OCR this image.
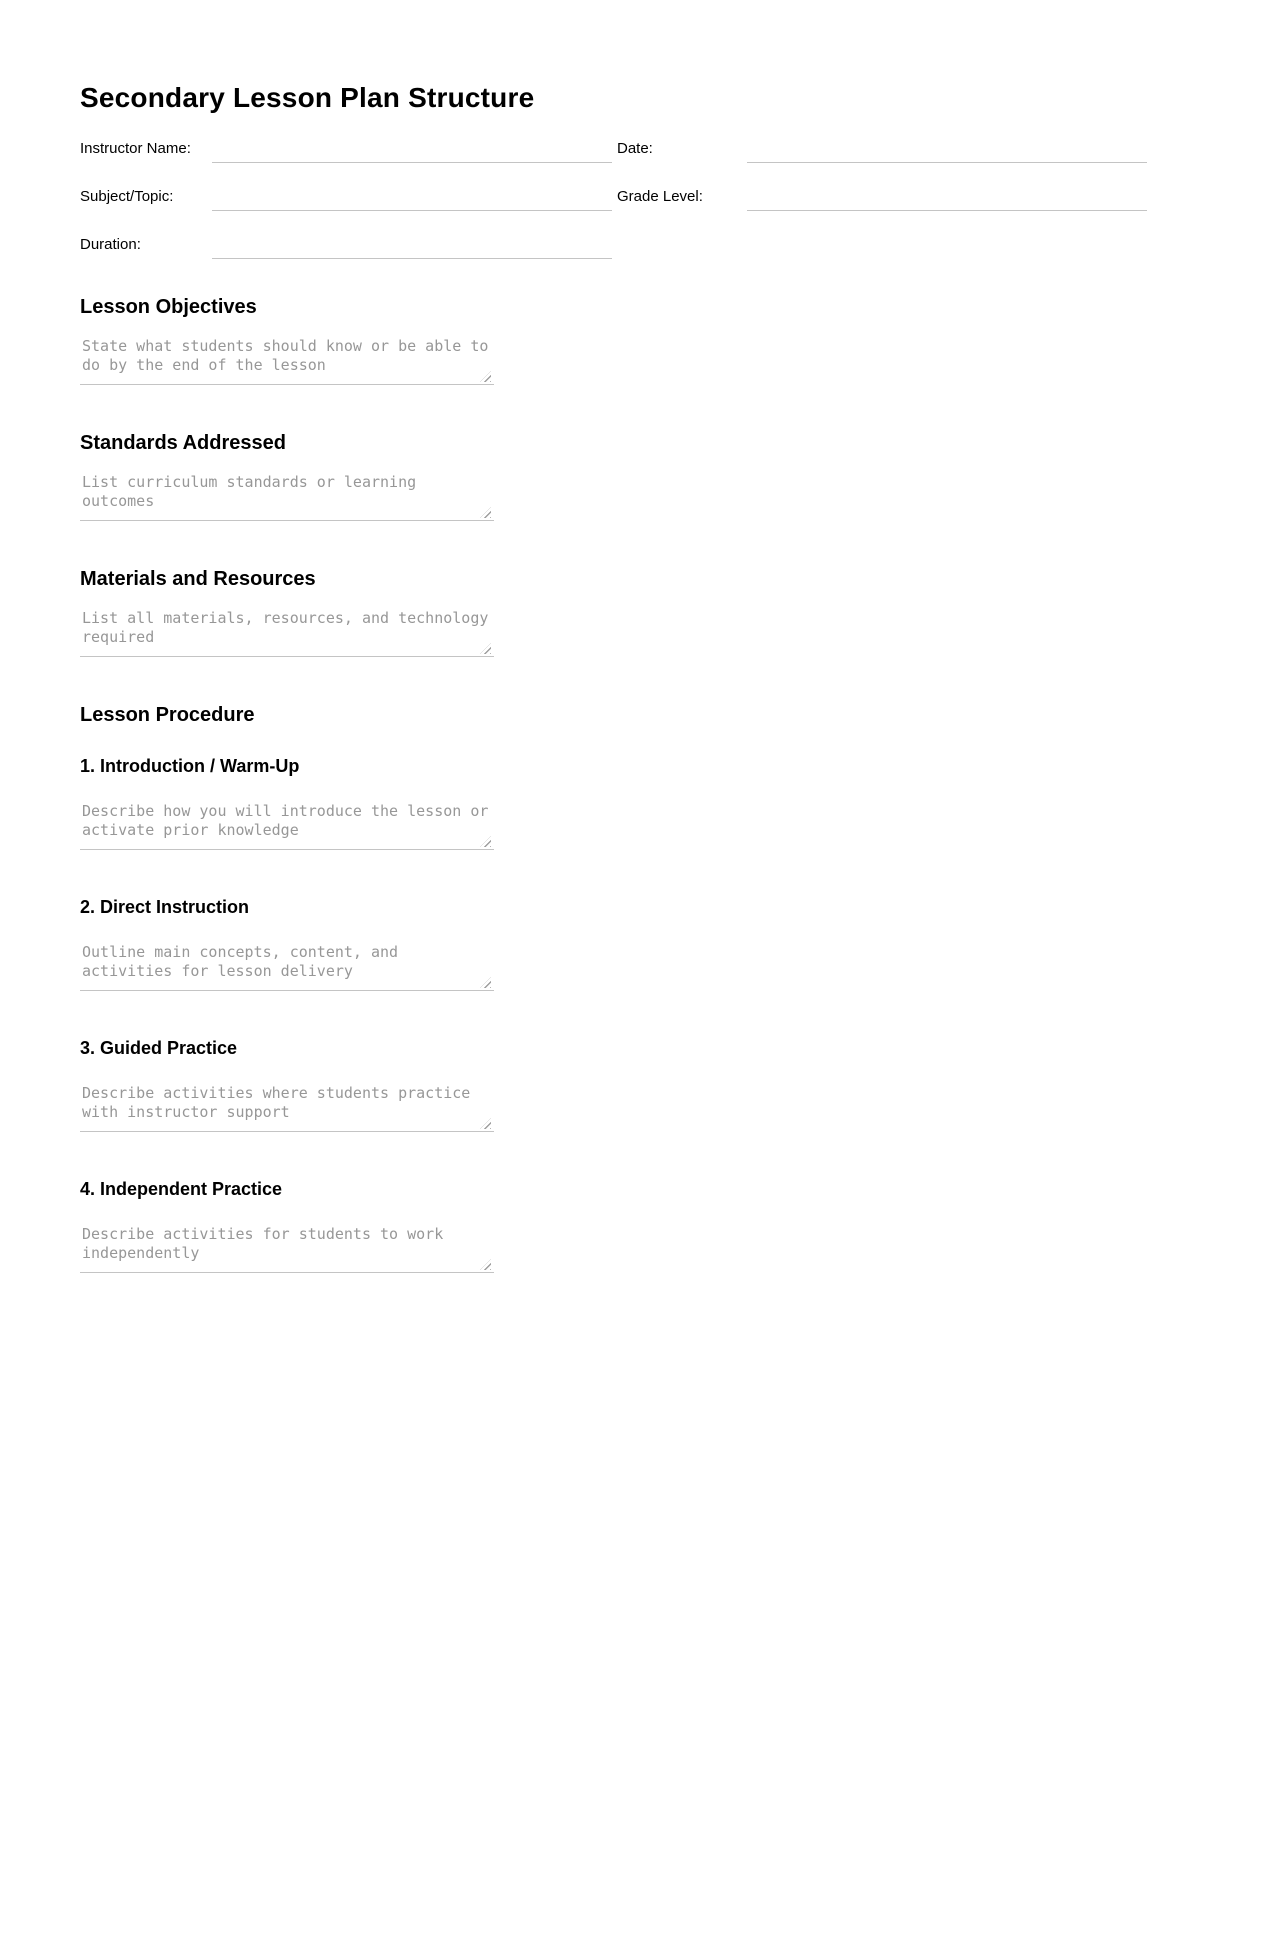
Secondary Lesson Plan Structure
Instructor Name:	Date:
Subject/Topic:	Grade Level:
Duration:
Lesson Objectives
State what students should know or be able to do by the end of the lesson
Standards Addressed
List curriculum standards or learning outcomes
Materials and Resources
List all materials, resources, and technology required
Lesson Procedure
1. Introduction / Warm-Up
Describe how you will introduce the lesson or activate prior knowledge
2. Direct Instruction
Outline main concepts, content, and activities for lesson delivery
3. Guided Practice
Describe activities where students practice with instructor support
4. Independent Practice
Describe activities for students to work independently
